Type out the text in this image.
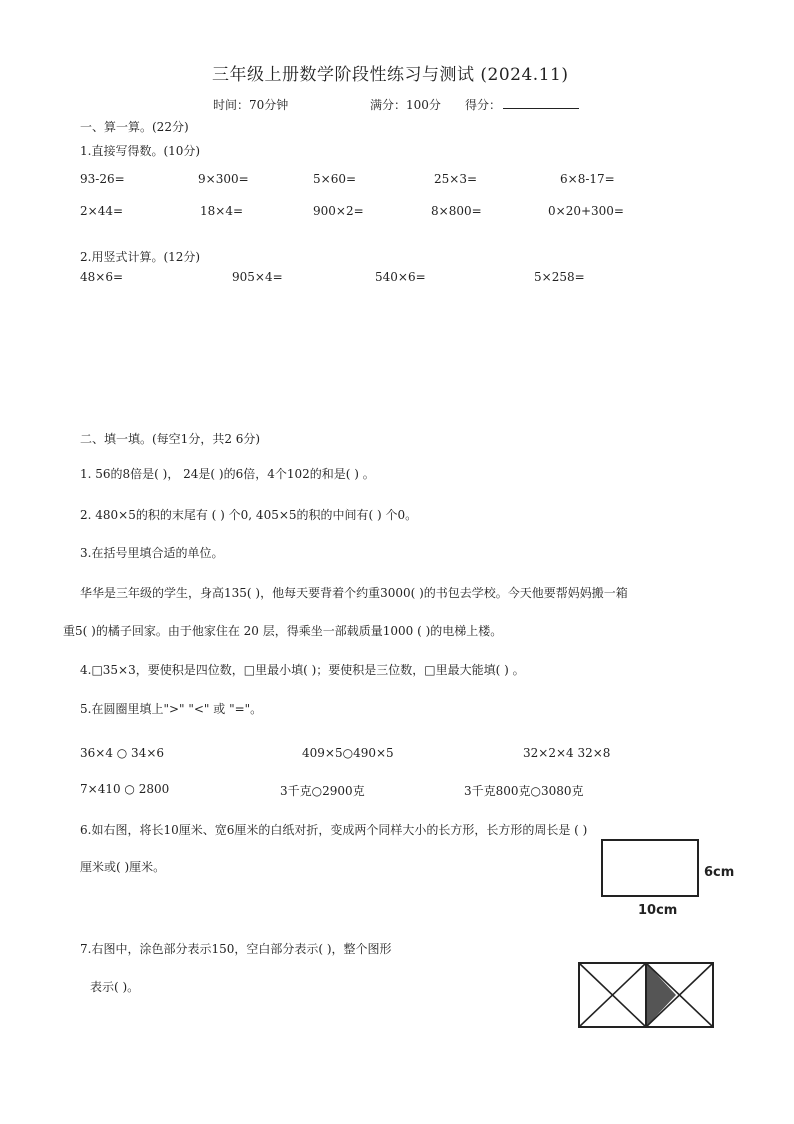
三年级上册数学阶段性练习与测试 (2024.11)
时间：70分钟	满分：100分 得分：
一、算一算。(22分)
1.直接写得数。(10分)
93-26=	9×300=	5×60=	25×3=	6×8-17=
2×44=	18×4=	900×2=	8×800=	0×20+300=
2.用竖式计算。(12分)
48×6=	905×4=	540×6=	5×258=
二、填一填。(每空1分，共2 6分)
1. 56的8倍是( )， 24是( )的6倍，4个102的和是( ) 。
2. 480×5的积的末尾有 ( ) 个0, 405×5的积的中间有( ) 个0。
3.在括号里填合适的单位。
华华是三年级的学生，身高135( )，他每天要背着个约重3000( )的书包去学校。今天他要帮妈妈搬一箱
重5( )的橘子回家。由于他家住在 20 层，得乘坐一部载质量1000 ( )的电梯上楼。
4.□35×3，要使积是四位数，□里最小填( )；要使积是三位数，□里最大能填( ) 。
5.在圆圈里填上">" "<" 或 "="。
36×4 ○ 34×6	409×5○490×5	32×2×4 32×8
7×410 ○ 2800	3千克○2900克	3千克800克○3080克
6.如右图，将长10厘米、宽6厘米的白纸对折，变成两个同样大小的长方形，长方形的周长是 ( )
厘米或( )厘米。	6cm
10cm
7.右图中，涂色部分表示150，空白部分表示( )，整个图形
表示( )。
